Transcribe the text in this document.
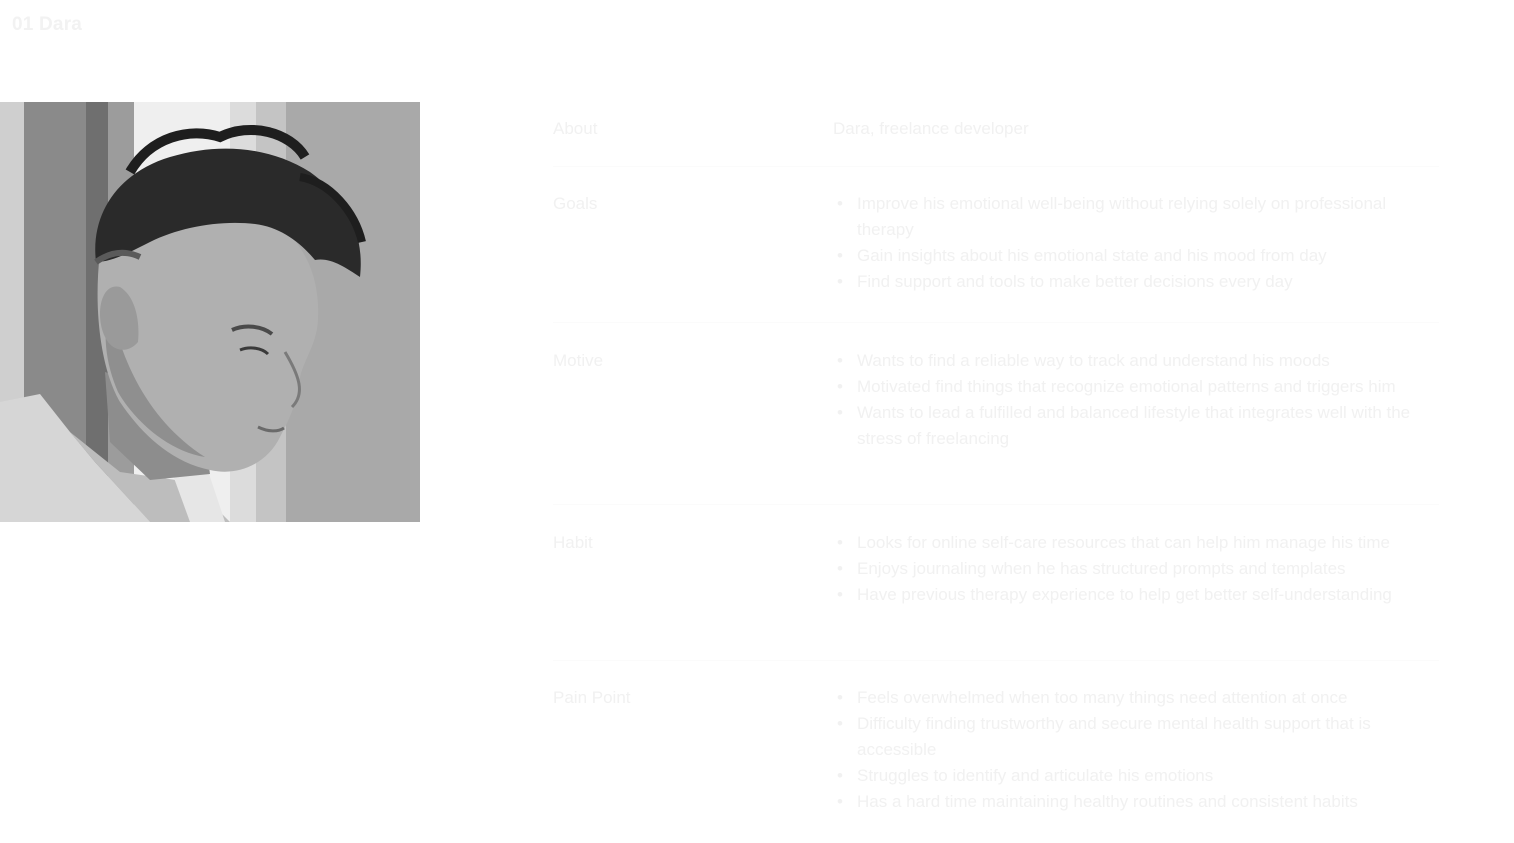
01 Dara
About	Dara, freelance developer
Goals	• Improve his emotional well-being without relying solely on professional therapy
• Gain insights about his emotional state and his mood from day
• Find support and tools to make better decisions every day
Motive	• Wants to find a reliable way to track and understand his moods
• Motivated find things that recognize emotional patterns and triggers him
• Wants to lead a fulfilled and balanced lifestyle that integrates well with the stress of freelancing
Habit	• Looks for online self-care resources that can help him manage his time
• Enjoys journaling when he has structured prompts and templates
• Have previous therapy experience to help get better self-understanding
Pain Point	• Feels overwhelmed when too many things need attention at once
• Difficulty finding trustworthy and secure mental health support that is accessible
• Struggles to identify and articulate his emotions
• Has a hard time maintaining healthy routines and consistent habits
